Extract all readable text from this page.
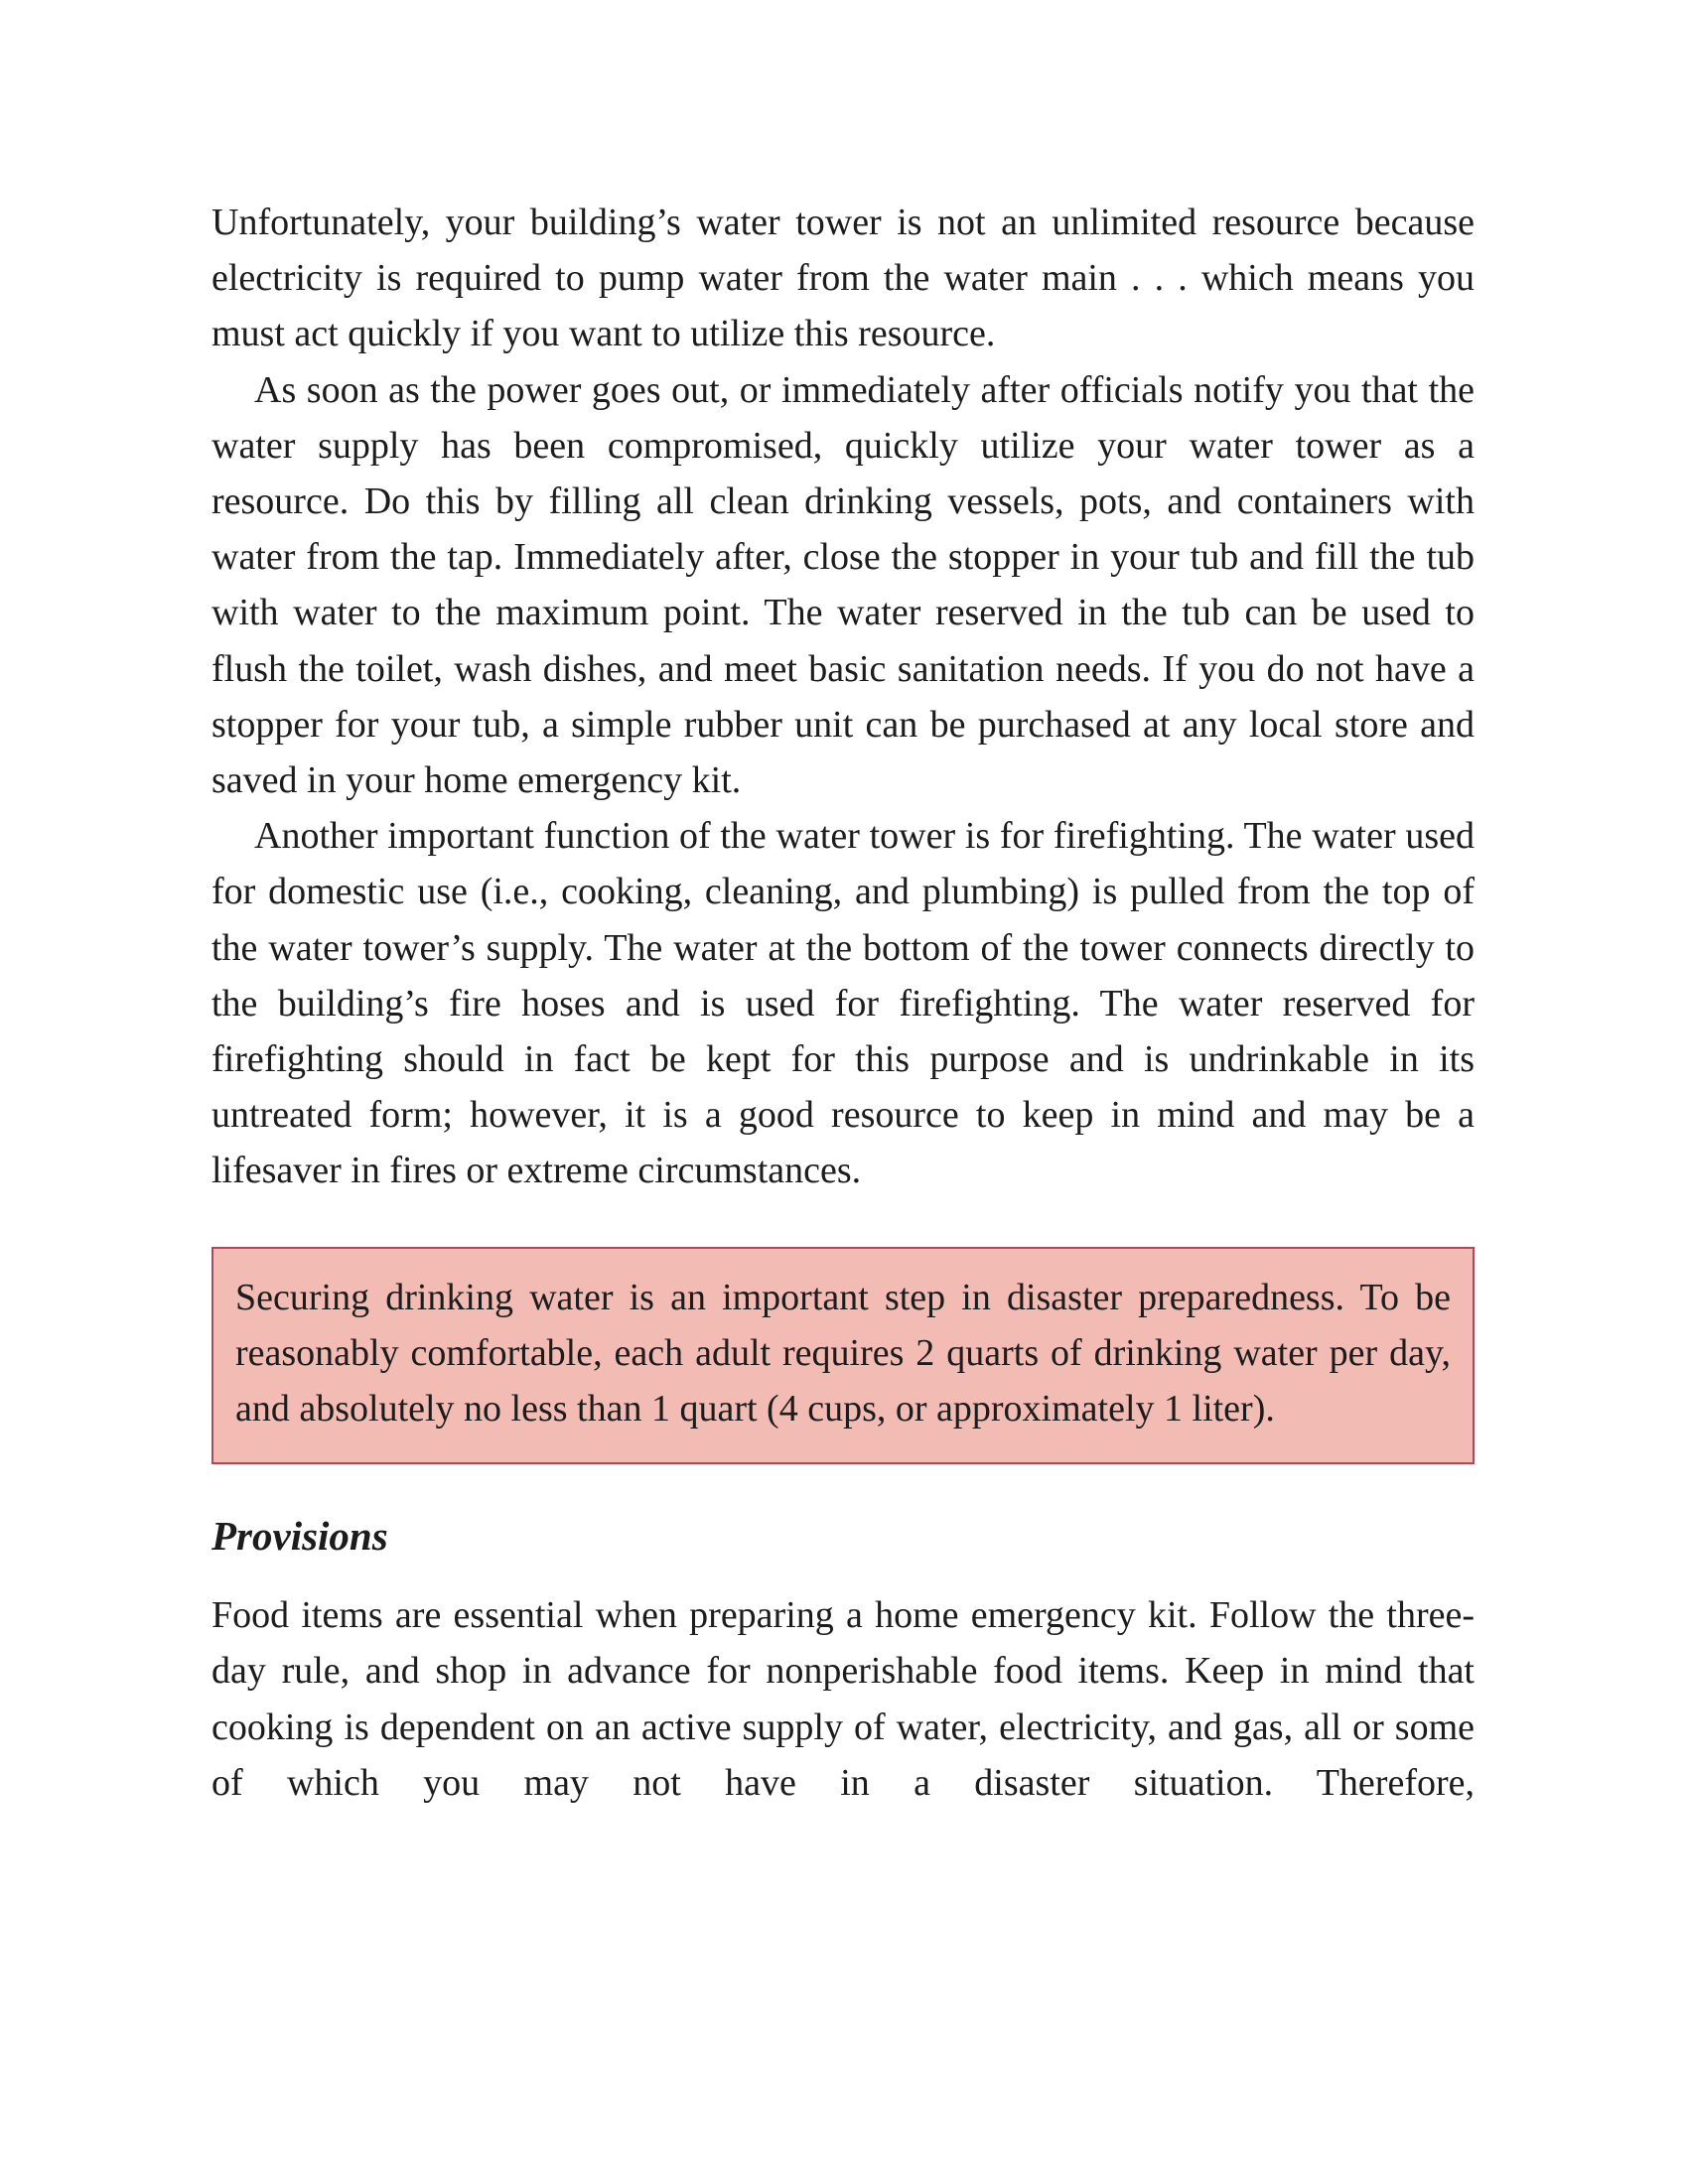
Unfortunately, your building’s water tower is not an unlimited resource because electricity is required to pump water from the water main . . . which means you must act quickly if you want to utilize this resource.

As soon as the power goes out, or immediately after officials notify you that the water supply has been compromised, quickly utilize your water tower as a resource. Do this by filling all clean drinking vessels, pots, and containers with water from the tap. Immediately after, close the stopper in your tub and fill the tub with water to the maximum point. The water reserved in the tub can be used to flush the toilet, wash dishes, and meet basic sanitation needs. If you do not have a stopper for your tub, a simple rubber unit can be purchased at any local store and saved in your home emergency kit.

Another important function of the water tower is for firefighting. The water used for domestic use (i.e., cooking, cleaning, and plumbing) is pulled from the top of the water tower’s supply. The water at the bottom of the tower connects directly to the building’s fire hoses and is used for firefighting. The water reserved for firefighting should in fact be kept for this purpose and is undrinkable in its untreated form; however, it is a good resource to keep in mind and may be a lifesaver in fires or extreme circumstances.

Securing drinking water is an important step in disaster preparedness. To be reasonably comfortable, each adult requires 2 quarts of drinking water per day, and absolutely no less than 1 quart (4 cups, or approximately 1 liter).

Provisions

Food items are essential when preparing a home emergency kit. Follow the three-day rule, and shop in advance for nonperishable food items. Keep in mind that cooking is dependent on an active supply of water, electricity, and gas, all or some of which you may not have in a disaster situation. Therefore,
